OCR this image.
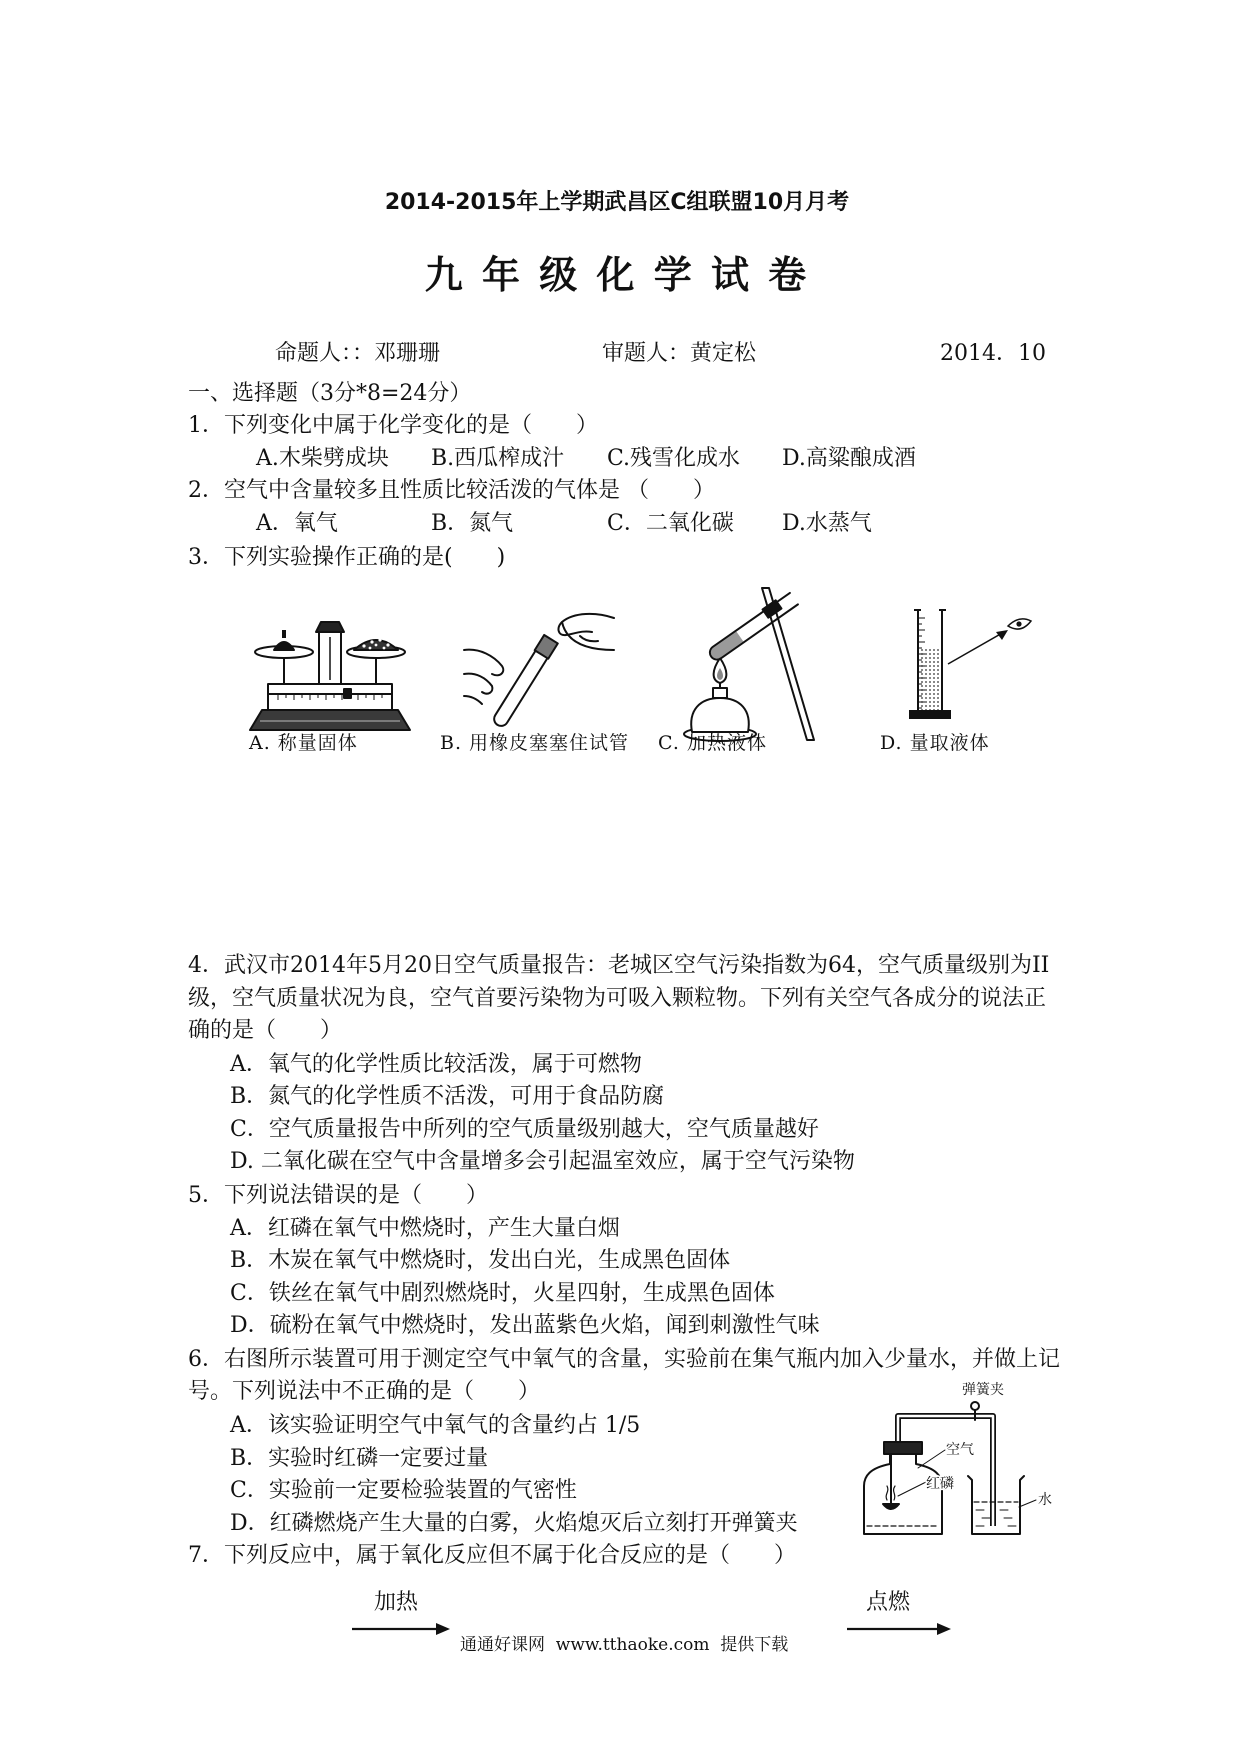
2014-2015年上学期武昌区C组联盟10月月考
九 年 级 化 学 试 卷
命题人：：邓珊珊	审题人：黄定松	2014．10
一、选择题（3分*8=24分）
1．下列变化中属于化学变化的是（　　）
A.木柴劈成块 B.西瓜榨成汁 C.残雪化成水 D.高粱酿成酒
2．空气中含量较多且性质比较活泼的气体是 （　　）
A．氧气	B．氮气	C．二氧化碳 D.水蒸气
3．下列实验操作正确的是(　　)
A. 称量固体	B. 用橡皮塞塞住试管 C. 加热液体	D. 量取液体
4．武汉市2014年5月20日空气质量报告：老城区空气污染指数为64，空气质量级别为II
级，空气质量状况为良，空气首要污染物为可吸入颗粒物。下列有关空气各成分的说法正
确的是（　　）
A．氧气的化学性质比较活泼，属于可燃物
B．氮气的化学性质不活泼，可用于食品防腐
C．空气质量报告中所列的空气质量级别越大，空气质量越好
D. 二氧化碳在空气中含量增多会引起温室效应，属于空气污染物
5．下列说法错误的是（　　）
A．红磷在氧气中燃烧时，产生大量白烟
B．木炭在氧气中燃烧时，发出白光，生成黑色固体
C．铁丝在氧气中剧烈燃烧时，火星四射，生成黑色固体
D．硫粉在氧气中燃烧时，发出蓝紫色火焰，闻到刺激性气味
6．右图所示装置可用于测定空气中氧气的含量，实验前在集气瓶内加入少量水，并做上记
号。下列说法中不正确的是（　　）
A．该实验证明空气中氧气的含量约占 1/5
B．实验时红磷一定要过量
C．实验前一定要检验装置的气密性
D．红磷燃烧产生大量的白雾，火焰熄灭后立刻打开弹簧夹
弹簧夹
空气
红磷
水
7．下列反应中，属于氧化反应但不属于化合反应的是（　　）
加热	点燃
通通好课网  www.tthaoke.com  提供下载
